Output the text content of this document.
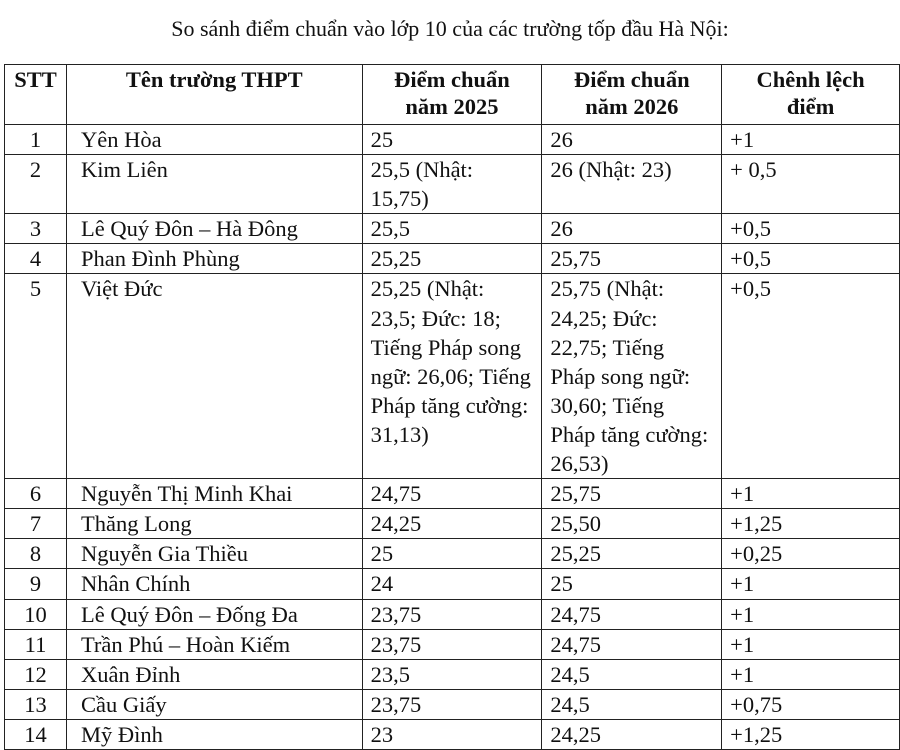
So sánh điểm chuẩn vào lớp 10 của các trường tốp đầu Hà Nội:
STT	Tên trường THPT	Điểm chuẩn năm 2025	Điểm chuẩn năm 2026	Chênh lệch điểm
1	Yên Hòa	25	26	+1
2	Kim Liên	25,5 (Nhật: 15,75)	26 (Nhật: 23)	+ 0,5
3	Lê Quý Đôn – Hà Đông	25,5	26	+0,5
4	Phan Đình Phùng	25,25	25,75	+0,5
5	Việt Đức	25,25 (Nhật: 23,5; Đức: 18; Tiếng Pháp song ngữ: 26,06; Tiếng Pháp tăng cường: 31,13)	25,75 (Nhật: 24,25; Đức: 22,75; Tiếng Pháp song ngữ: 30,60; Tiếng Pháp tăng cường: 26,53)	+0,5
6	Nguyễn Thị Minh Khai	24,75	25,75	+1
7	Thăng Long	24,25	25,50	+1,25
8	Nguyễn Gia Thiều	25	25,25	+0,25
9	Nhân Chính	24	25	+1
10	Lê Quý Đôn – Đống Đa	23,75	24,75	+1
11	Trần Phú – Hoàn Kiếm	23,75	24,75	+1
12	Xuân Đỉnh	23,5	24,5	+1
13	Cầu Giấy	23,75	24,5	+0,75
14	Mỹ Đình	23	24,25	+1,25
